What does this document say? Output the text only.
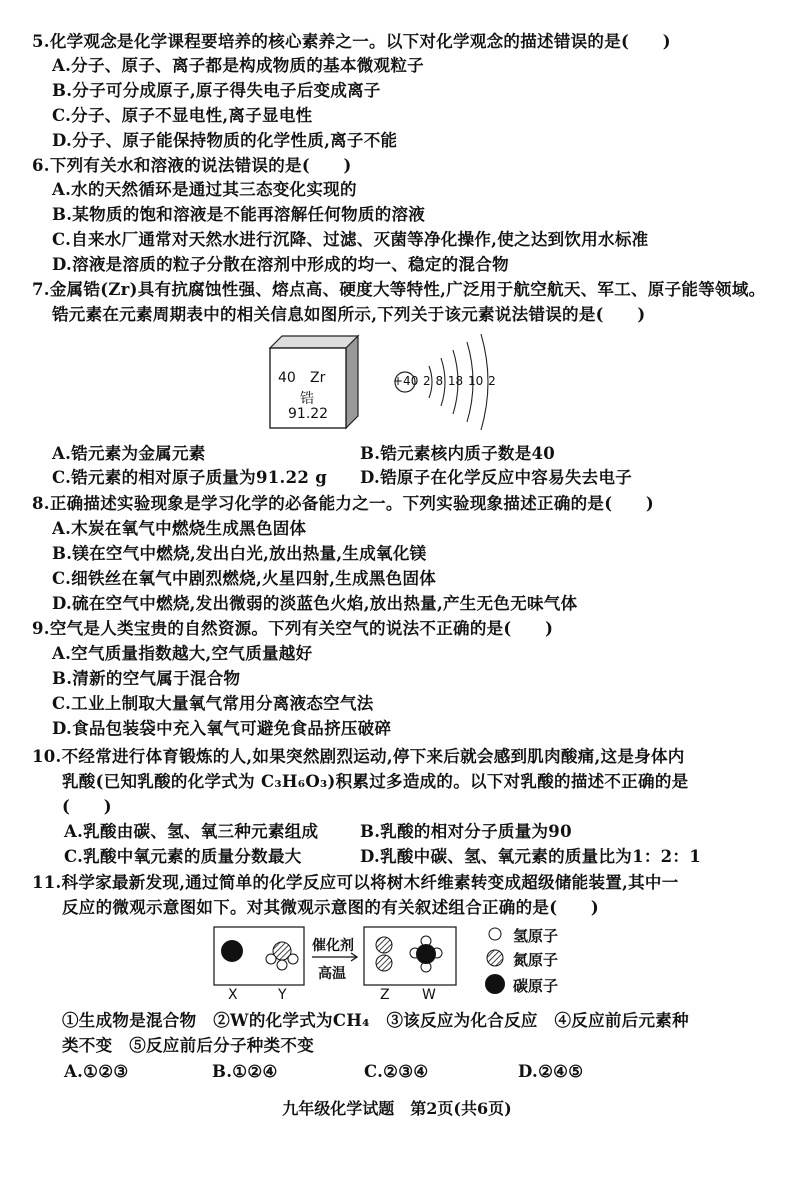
5.化学观念是化学课程要培养的核心素养之一。以下对化学观念的描述错误的是(　　)
A.分子、原子、离子都是构成物质的基本微观粒子
B.分子可分成原子,原子得失电子后变成离子
C.分子、原子不显电性,离子显电性
D.分子、原子能保持物质的化学性质,离子不能
6.下列有关水和溶液的说法错误的是(　　)
A.水的天然循环是通过其三态变化实现的
B.某物质的饱和溶液是不能再溶解任何物质的溶液
C.自来水厂通常对天然水进行沉降、过滤、灭菌等净化操作,使之达到饮用水标准
D.溶液是溶质的粒子分散在溶剂中形成的均一、稳定的混合物
7.金属锆(Zr)具有抗腐蚀性强、熔点高、硬度大等特性,广泛用于航空航天、军工、原子能等领域。
锆元素在元素周期表中的相关信息如图所示,下列关于该元素说法错误的是(　　)
40 Zr
锆
91.22
+40 2 8 18 10 2
A.锆元素为金属元素	B.锆元素核内质子数是40
C.锆元素的相对原子质量为91.22 g D.锆原子在化学反应中容易失去电子
8.正确描述实验现象是学习化学的必备能力之一。下列实验现象描述正确的是(　　)
A.木炭在氧气中燃烧生成黑色固体
B.镁在空气中燃烧,发出白光,放出热量,生成氧化镁
C.细铁丝在氧气中剧烈燃烧,火星四射,生成黑色固体
D.硫在空气中燃烧,发出微弱的淡蓝色火焰,放出热量,产生无色无味气体
9.空气是人类宝贵的自然资源。下列有关空气的说法不正确的是(　　)
A.空气质量指数越大,空气质量越好
B.清新的空气属于混合物
C.工业上制取大量氧气常用分离液态空气法
D.食品包装袋中充入氧气可避免食品挤压破碎
10.不经常进行体育锻炼的人,如果突然剧烈运动,停下来后就会感到肌肉酸痛,这是身体内
乳酸(已知乳酸的化学式为 C₃H₆O₃)积累过多造成的。以下对乳酸的描述不正确的是
(　　)
A.乳酸由碳、氢、氧三种元素组成	B.乳酸的相对分子质量为90
C.乳酸中氧元素的质量分数最大	D.乳酸中碳、氢、氧元素的质量比为1：2：1
11.科学家最新发现,通过简单的化学反应可以将树木纤维素转变成超级储能装置,其中一
反应的微观示意图如下。对其微观示意图的有关叙述组合正确的是(　　)
催化剂
高温
X	Y	Z W
氢原子
氮原子
碳原子
①生成物是混合物　②W的化学式为CH₄　③该反应为化合反应　④反应前后元素种
类不变　⑤反应前后分子种类不变
A.①②③	B.①②④	C.②③④	D.②④⑤
九年级化学试题　第2页(共6页)
